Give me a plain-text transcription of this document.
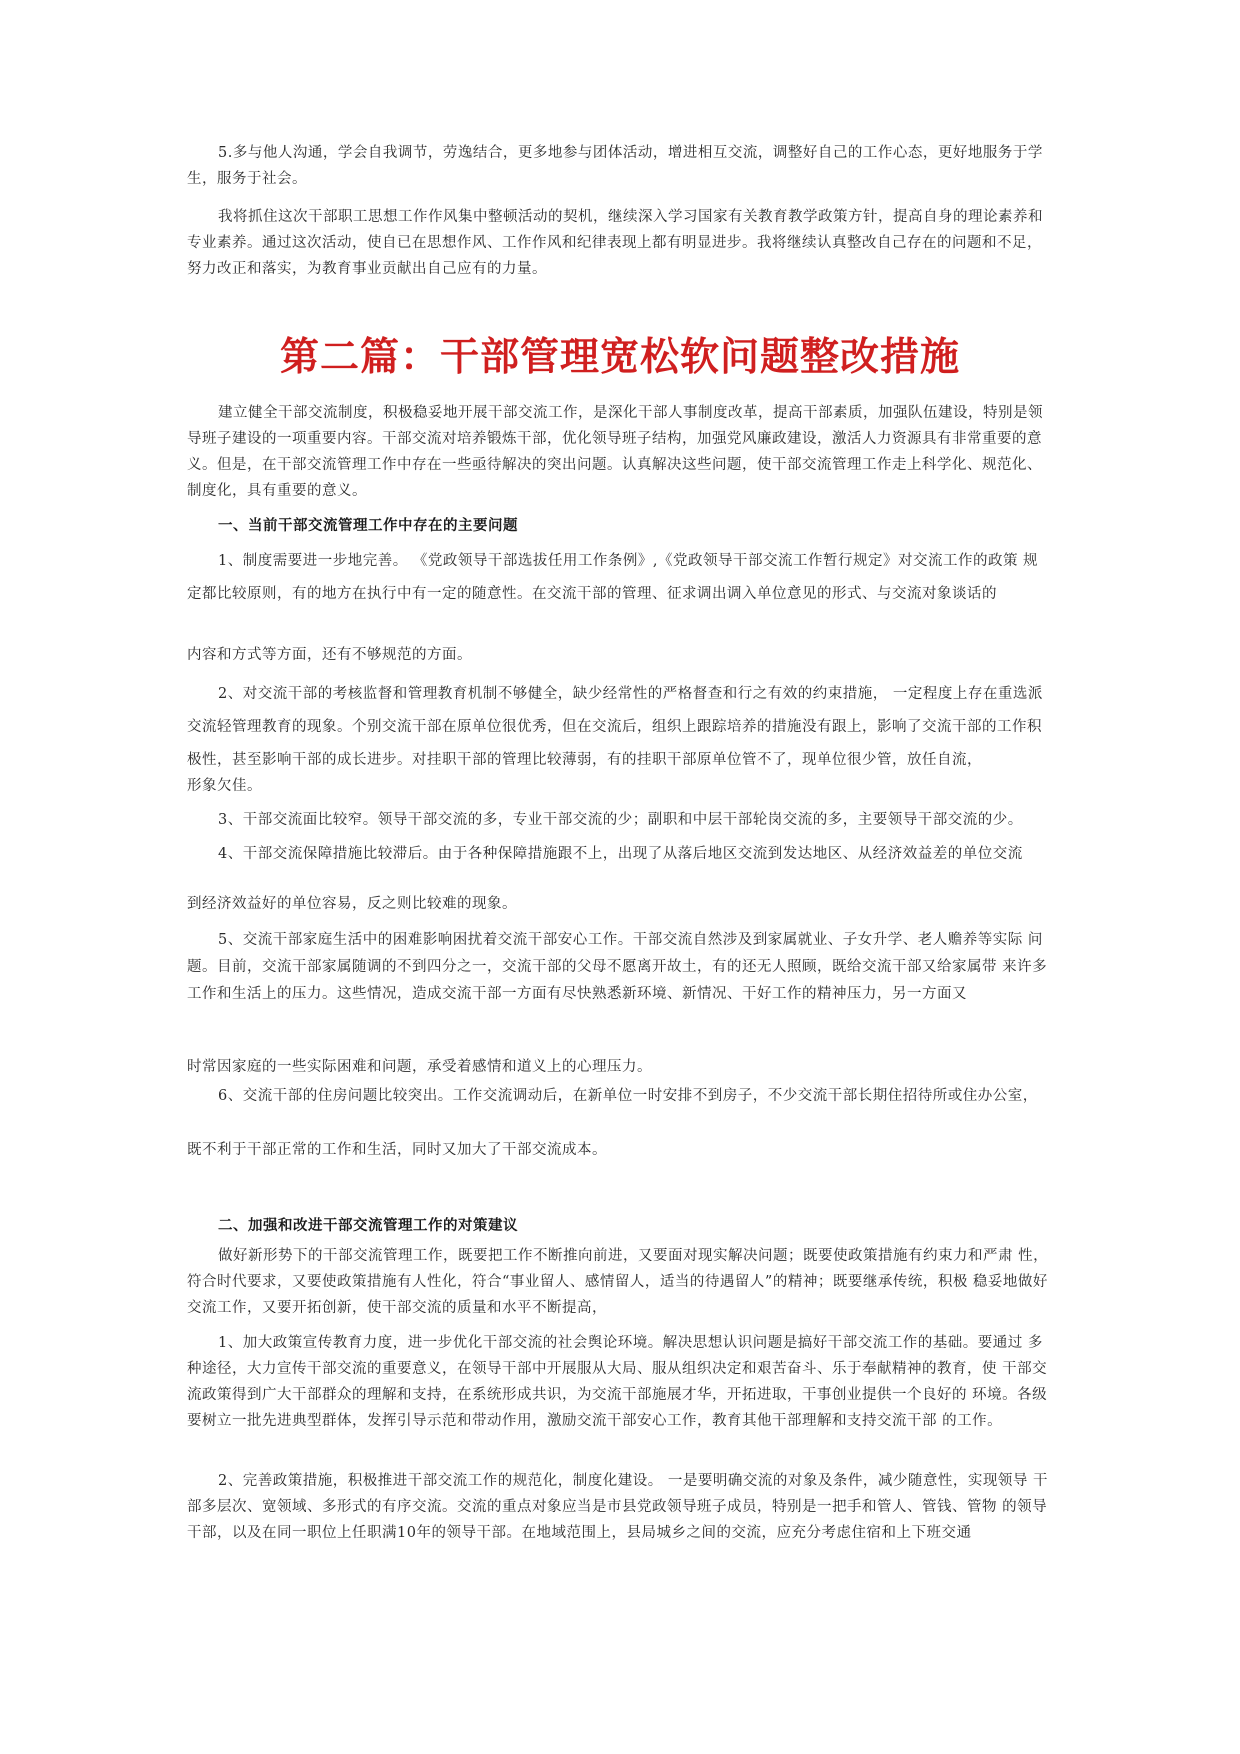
5.多与他人沟通，学会自我调节，劳逸结合，更多地参与团体活动，增进相互交流，调整好自己的工作心态，更好地服务于学生，服务于社会。

我将抓住这次干部职工思想工作作风集中整顿活动的契机，继续深入学习国家有关教育教学政策方针，提高自身的理论素养和专业素养。通过这次活动，使自已在思想作风、工作作风和纪律表现上都有明显进步。我将继续认真整改自己存在的问题和不足，努力改正和落实，为教育事业贡献出自己应有的力量。

第二篇：干部管理宽松软问题整改措施

建立健全干部交流制度，积极稳妥地开展干部交流工作，是深化干部人事制度改革，提高干部素质，加强队伍建设，特别是领导班子建设的一项重要内容。干部交流对培养锻炼干部，优化领导班子结构，加强党风廉政建设，激活人力资源具有非常重要的意义。但是，在干部交流管理工作中存在一些亟待解决的突出问题。认真解决这些问题，使干部交流管理工作走上科学化、规范化、制度化，具有重要的意义。

一、当前干部交流管理工作中存在的主要问题

1、制度需要进一步地完善。 《党政领导干部选拔任用工作条例》,《党政领导干部交流工作暂行规定》对交流工作的政策 规定都比较原则，有的地方在执行中有一定的随意性。在交流干部的管理、征求调出调入单位意见的形式、与交流对象谈话的

内容和方式等方面，还有不够规范的方面。

2、对交流干部的考核监督和管理教育机制不够健全，缺少经常性的严格督查和行之有效的约束措施， 一定程度上存在重选派交流轻管理教育的现象。个别交流干部在原单位很优秀，但在交流后，组织上跟踪培养的措施没有跟上，影响了交流干部的工作积极性，甚至影响干部的成长进步。对挂职干部的管理比较薄弱，有的挂职干部原单位管不了，现单位很少管，放任自流，

形象欠佳。

3、干部交流面比较窄。领导干部交流的多，专业干部交流的少；副职和中层干部轮岗交流的多，主要领导干部交流的少。

4、干部交流保障措施比较滞后。由于各种保障措施跟不上，出现了从落后地区交流到发达地区、从经济效益差的单位交流

到经济效益好的单位容易，反之则比较难的现象。

5、交流干部家庭生活中的困难影响困扰着交流干部安心工作。干部交流自然涉及到家属就业、子女升学、老人赡养等实际 问题。目前，交流干部家属随调的不到四分之一，交流干部的父母不愿离开故土，有的还无人照顾，既给交流干部又给家属带 来许多工作和生活上的压力。这些情况，造成交流干部一方面有尽快熟悉新环境、新情况、干好工作的精神压力，另一方面又

时常因家庭的一些实际困难和问题，承受着感情和道义上的心理压力。

6、交流干部的住房问题比较突出。工作交流调动后，在新单位一时安排不到房子，不少交流干部长期住招待所或住办公室，

既不利于干部正常的工作和生活，同时又加大了干部交流成本。

二、加强和改进干部交流管理工作的对策建议

做好新形势下的干部交流管理工作，既要把工作不断推向前进，又要面对现实解决问题；既要使政策措施有约束力和严肃 性，符合时代要求，又要使政策措施有人性化，符合“事业留人、感情留人，适当的待遇留人”的精神；既要继承传统，积极 稳妥地做好交流工作，又要开拓创新，使干部交流的质量和水平不断提高，

1、加大政策宣传教育力度，进一步优化干部交流的社会舆论环境。解决思想认识问题是搞好干部交流工作的基础。要通过 多种途径，大力宣传干部交流的重要意义，在领导干部中开展服从大局、服从组织决定和艰苦奋斗、乐于奉献精神的教育，使 干部交流政策得到广大干部群众的理解和支持，在系统形成共识，为交流干部施展才华，开拓进取，干事创业提供一个良好的 环境。各级要树立一批先进典型群体，发挥引导示范和带动作用，激励交流干部安心工作，教育其他干部理解和支持交流干部 的工作。

2、完善政策措施，积极推进干部交流工作的规范化，制度化建设。 一是要明确交流的对象及条件，减少随意性，实现领导 干部多层次、宽领域、多形式的有序交流。交流的重点对象应当是市县党政领导班子成员，特别是一把手和管人、管钱、管物 的领导干部，以及在同一职位上任职满10年的领导干部。在地域范围上，县局城乡之间的交流，应充分考虑住宿和上下班交通
